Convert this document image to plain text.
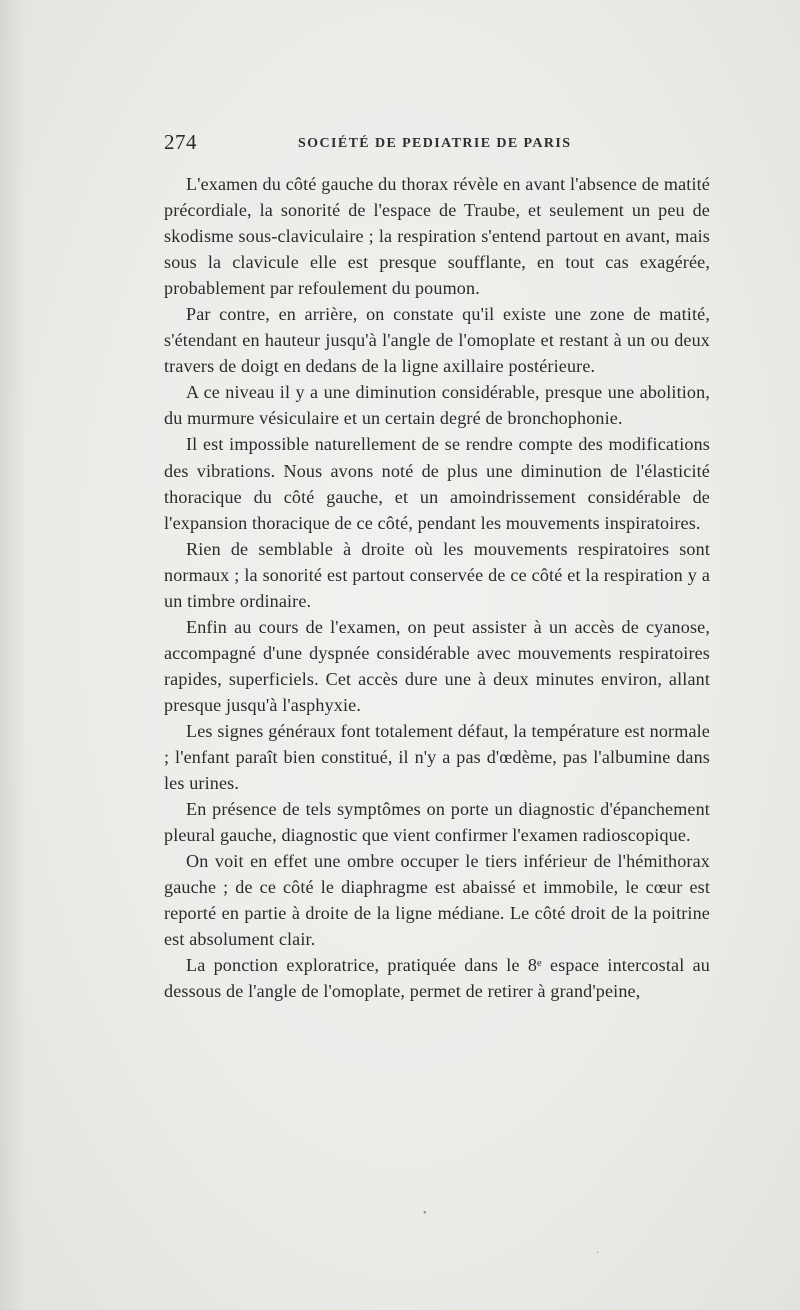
274	SOCIÉTÉ DE PEDIATRIE DE PARIS

L'examen du côté gauche du thorax révèle en avant l'absence de matité précordiale, la sonorité de l'espace de Traube, et seulement un peu de skodisme sous-claviculaire ; la respiration s'entend partout en avant, mais sous la clavicule elle est presque soufflante, en tout cas exagérée, probablement par refoulement du poumon.

Par contre, en arrière, on constate qu'il existe une zone de matité, s'étendant en hauteur jusqu'à l'angle de l'omoplate et restant à un ou deux travers de doigt en dedans de la ligne axillaire postérieure.

A ce niveau il y a une diminution considérable, presque une abolition, du murmure vésiculaire et un certain degré de bronchophonie.

Il est impossible naturellement de se rendre compte des modifications des vibrations. Nous avons noté de plus une diminution de l'élasticité thoracique du côté gauche, et un amoindrissement considérable de l'expansion thoracique de ce côté, pendant les mouvements inspiratoires.

Rien de semblable à droite où les mouvements respiratoires sont normaux ; la sonorité est partout conservée de ce côté et la respiration y a un timbre ordinaire.

Enfin au cours de l'examen, on peut assister à un accès de cyanose, accompagné d'une dyspnée considérable avec mouvements respiratoires rapides, superficiels. Cet accès dure une à deux minutes environ, allant presque jusqu'à l'asphyxie.

Les signes généraux font totalement défaut, la température est normale ; l'enfant paraît bien constitué, il n'y a pas d'œdème, pas l'albumine dans les urines.

En présence de tels symptômes on porte un diagnostic d'épanchement pleural gauche, diagnostic que vient confirmer l'examen radioscopique.

On voit en effet une ombre occuper le tiers inférieur de l'hémithorax gauche ; de ce côté le diaphragme est abaissé et immobile, le cœur est reporté en partie à droite de la ligne médiane. Le côté droit de la poitrine est absolument clair.

La ponction exploratrice, pratiquée dans le 8ᵉ espace intercostal au dessous de l'angle de l'omoplate, permet de retirer à grand'peine,

•
·
